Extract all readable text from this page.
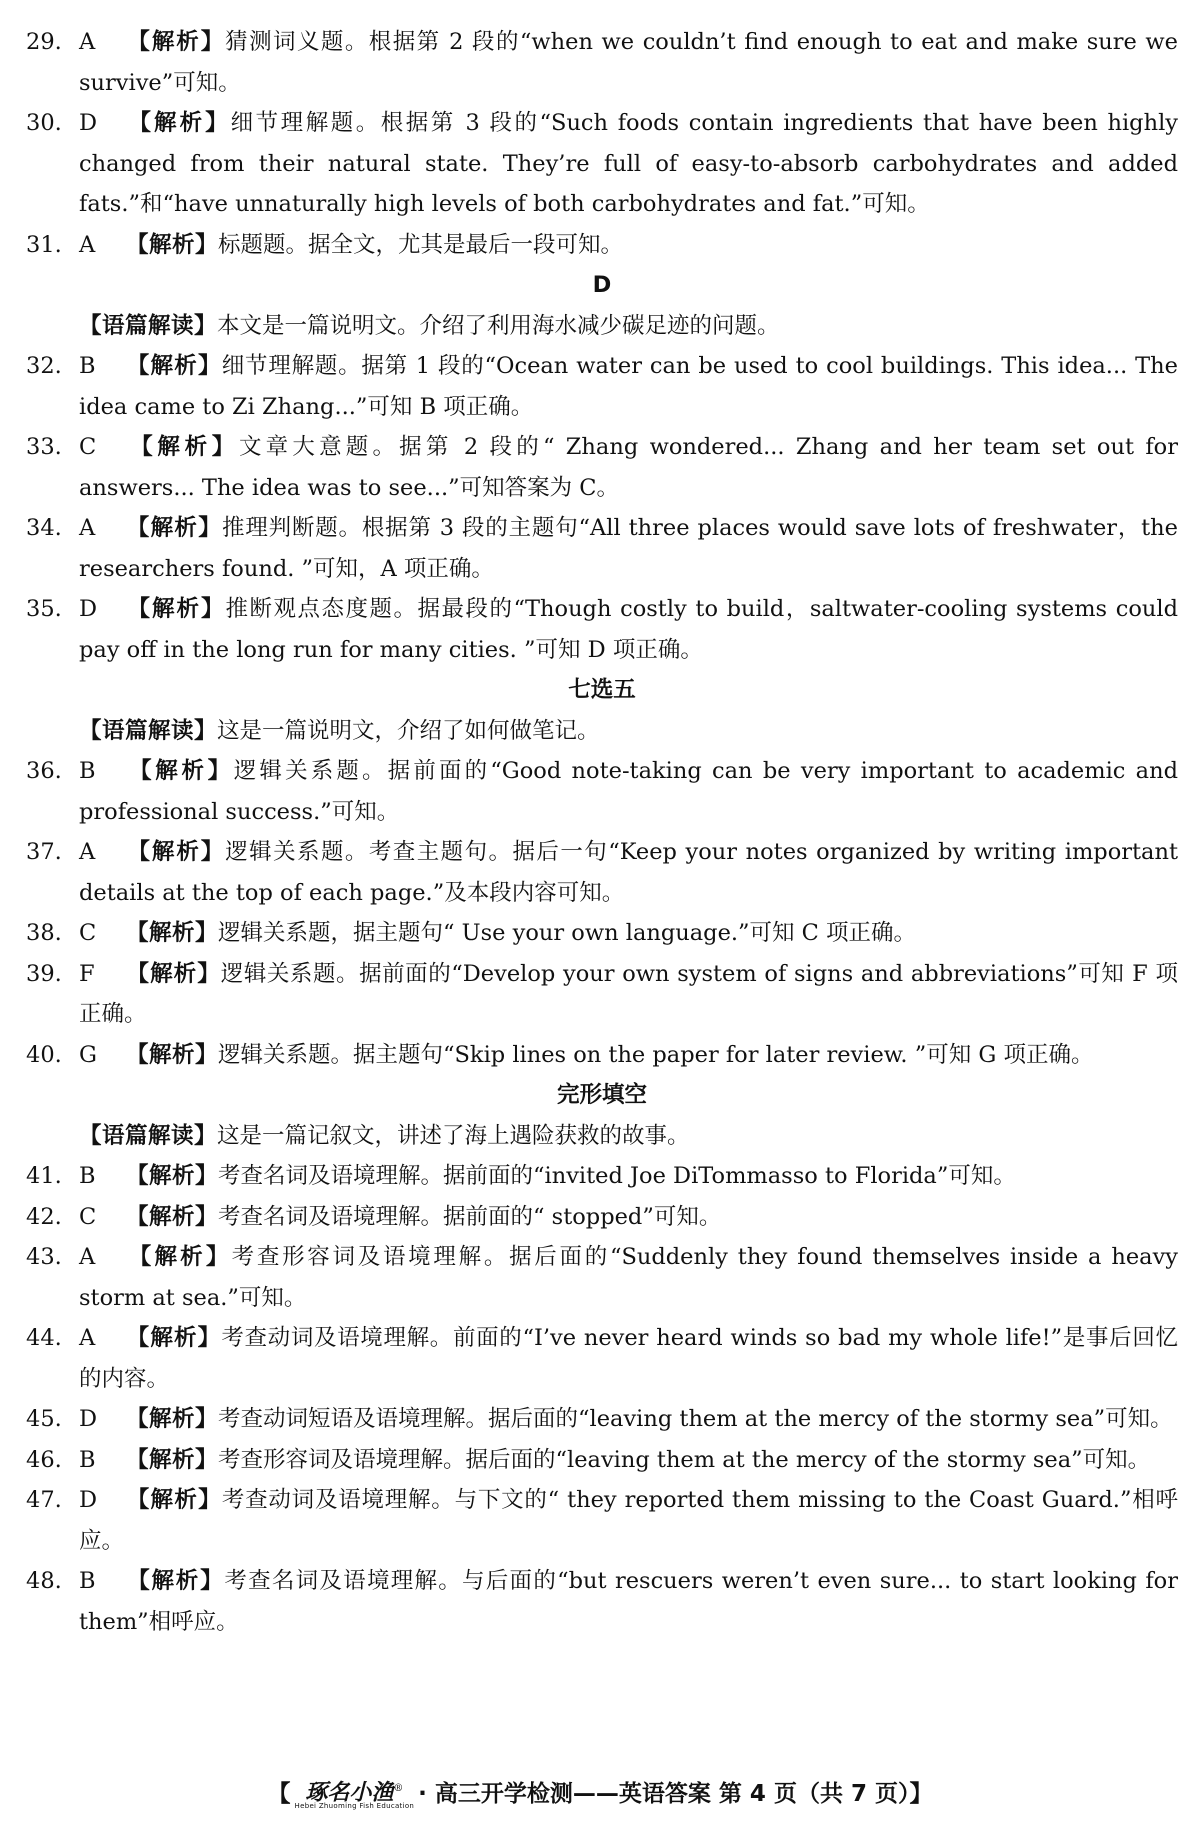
29. A 【解析】猜测词义题。根据第 2 段的“when we couldn’t find enough to eat and make sure we survive”可知。

30. D 【解析】细节理解题。根据第 3 段的“Such foods contain ingredients that have been highly changed from their natural state. They’re full of easy-to-absorb carbohydrates and added fats.”和“have unnaturally high levels of both carbohydrates and fat.”可知。

31. A 【解析】标题题。据全文，尤其是最后一段可知。

D

【语篇解读】本文是一篇说明文。介绍了利用海水减少碳足迹的问题。

32. B 【解析】细节理解题。据第 1 段的“Ocean water can be used to cool buildings. This idea... The idea came to Zi Zhang...”可知 B 项正确。

33. C 【解析】文章大意题。据第 2 段的“ Zhang wondered... Zhang and her team set out for answers... The idea was to see...”可知答案为 C。

34. A 【解析】推理判断题。根据第 3 段的主题句“All three places would save lots of freshwater，the researchers found. ”可知，A 项正确。

35. D 【解析】推断观点态度题。据最段的“Though costly to build，saltwater-cooling systems could pay off in the long run for many cities. ”可知 D 项正确。

七选五

【语篇解读】这是一篇说明文，介绍了如何做笔记。

36. B 【解析】逻辑关系题。据前面的“Good note-taking can be very important to academic and professional success.”可知。

37. A 【解析】逻辑关系题。考查主题句。据后一句“Keep your notes organized by writing important details at the top of each page.”及本段内容可知。

38. C 【解析】逻辑关系题，据主题句“ Use your own language.”可知 C 项正确。

39. F 【解析】逻辑关系题。据前面的“Develop your own system of signs and abbreviations”可知 F 项正确。

40. G 【解析】逻辑关系题。据主题句“Skip lines on the paper for later review. ”可知 G 项正确。

完形填空

【语篇解读】这是一篇记叙文，讲述了海上遇险获救的故事。

41. B 【解析】考查名词及语境理解。据前面的“invited Joe DiTommasso to Florida”可知。

42. C 【解析】考查名词及语境理解。据前面的“ stopped”可知。

43. A 【解析】考查形容词及语境理解。据后面的“Suddenly they found themselves inside a heavy storm at sea.”可知。

44. A 【解析】考查动词及语境理解。前面的“I’ve never heard winds so bad my whole life!”是事后回忆的内容。

45. D 【解析】考查动词短语及语境理解。据后面的“leaving them at the mercy of the stormy sea”可知。

46. B 【解析】考查形容词及语境理解。据后面的“leaving them at the mercy of the stormy sea”可知。

47. D 【解析】考查动词及语境理解。与下文的“ they reported them missing to the Coast Guard.”相呼应。

48. B 【解析】考查名词及语境理解。与后面的“but rescuers weren’t even sure... to start looking for them”相呼应。

【 琢名小渔®
Hebei Zhuoming Fish Education · 高三开学检测——英语答案 第 4 页（共 7 页）】
